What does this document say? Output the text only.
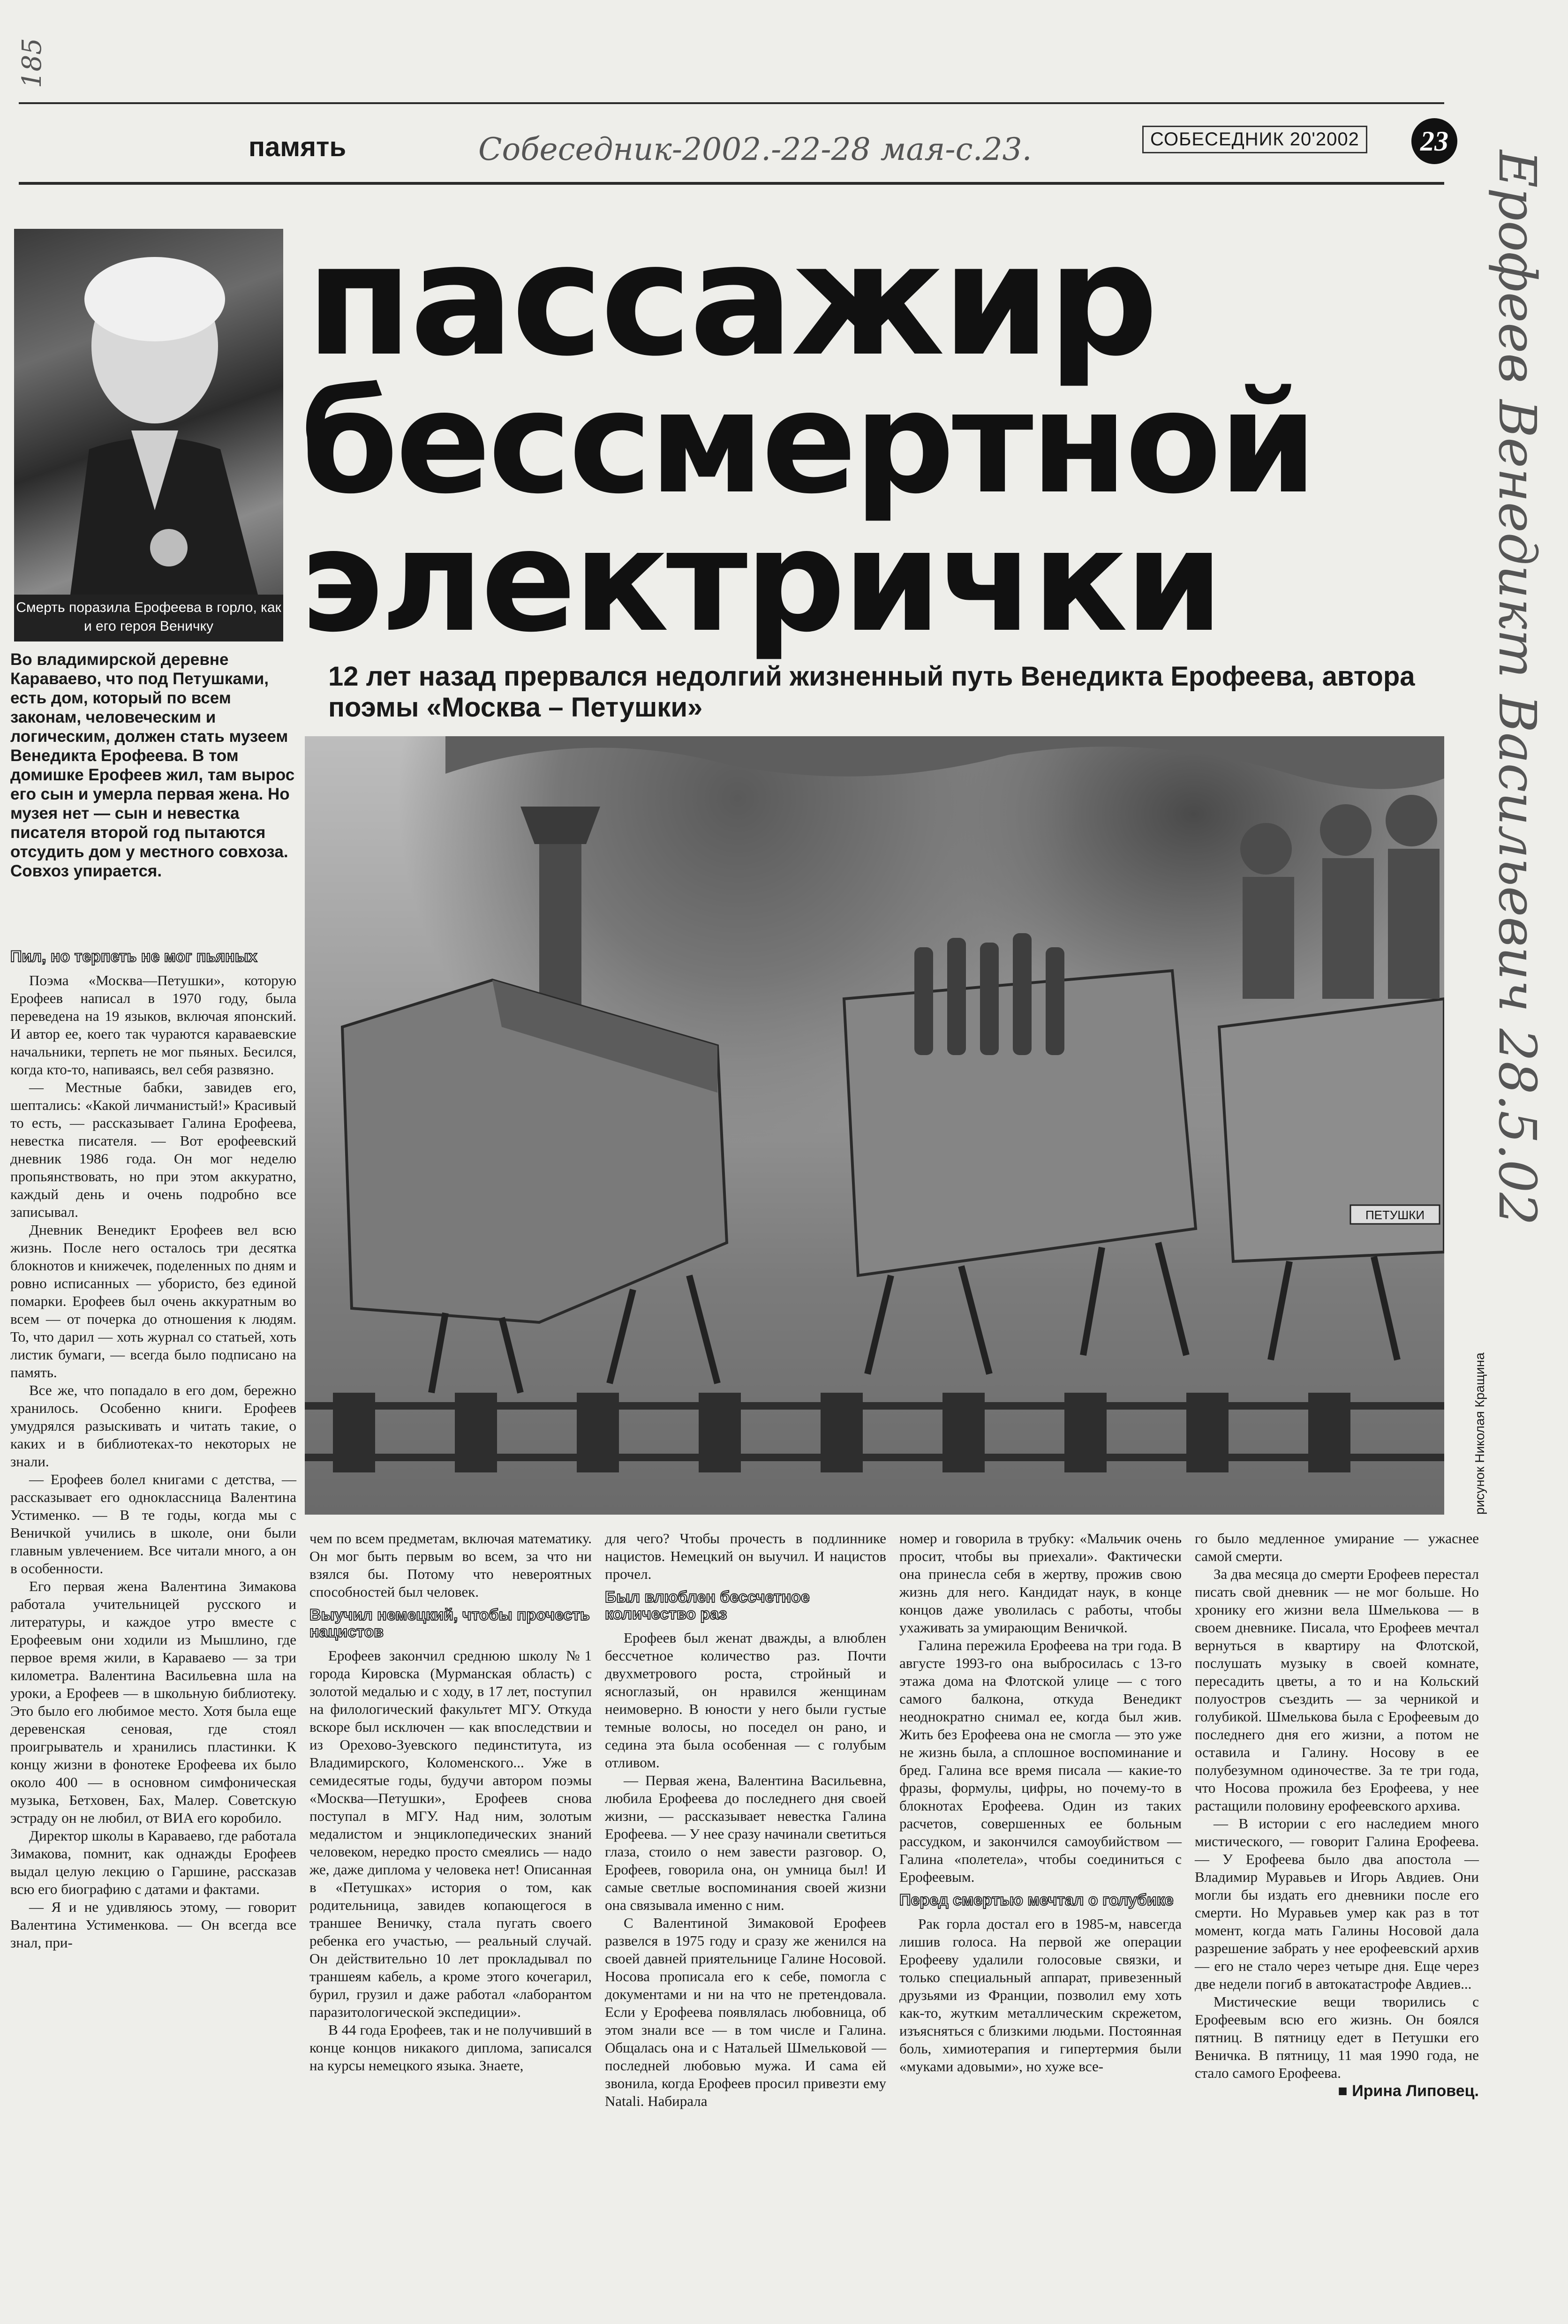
185
память	Собеседник-2002.-22-28 мая-с.23.	СОБЕСЕДНИК 20'2002	23
Ерофеев Венедикт Васильевич 28.5.02
Смерть поразила Ерофеева в горло, как и его героя Веничку
пассажир
бессмертной
электрички
Во владимирской деревне Караваево, что под Петушками, есть дом, который по всем законам, человеческим и логическим, должен стать музеем Венедикта Ерофеева. В том домишке Ерофеев жил, там вырос его сын и умерла первая жена. Но музея нет — сын и невестка писателя второй год пытаются отсудить дом у местного совхоза. Совхоз упирается.
12 лет назад прервался недолгий жизненный путь Венедикта Ерофеева, автора поэмы «Москва – Петушки»
ПЕТУШКИ
рисунок Николая Кращина
Пил, но терпеть не мог пьяных

Поэма «Москва—Петушки», которую Ерофеев написал в 1970 году, была переведена на 19 языков, включая японский. И автор ее, коего так чураются караваевские начальники, терпеть не мог пьяных. Бесился, когда кто-то, напиваясь, вел себя развязно.

— Местные бабки, завидев его, шептались: «Какой личманистый!» Красивый то есть, — рассказывает Галина Ерофеева, невестка писателя. — Вот ерофеевский дневник 1986 года. Он мог неделю пропьянствовать, но при этом аккуратно, каждый день и очень подробно все записывал.

Дневник Венедикт Ерофеев вел всю жизнь. После него осталось три десятка блокнотов и книжечек, поделенных по дням и ровно исписанных — убористо, без единой помарки. Ерофеев был очень аккуратным во всем — от почерка до отношения к людям. То, что дарил — хоть журнал со статьей, хоть листик бумаги, — всегда было подписано на память.

Все же, что попадало в его дом, бережно хранилось. Особенно книги. Ерофеев умудрялся разыскивать и читать такие, о каких и в библиотеках-то некоторых не знали.

— Ерофеев болел книгами с детства, — рассказывает его одноклассница Валентина Устименко. — В те годы, когда мы с Веничкой учились в школе, они были главным увлечением. Все читали много, а он в особенности.

Его первая жена Валентина Зимакова работала учительницей русского и литературы, и каждое утро вместе с Ерофеевым они ходили из Мышлино, где первое время жили, в Караваево — за три километра. Валентина Васильевна шла на уроки, а Ерофеев — в школьную библиотеку. Это было его любимое место. Хотя была еще деревенская сеновая, где стоял проигрыватель и хранились пластинки. К концу жизни в фонотеке Ерофеева их было около 400 — в основном симфоническая музыка, Бетховен, Бах, Малер. Советскую эстраду он не любил, от ВИА его коробило.

Директор школы в Караваево, где работала Зимакова, помнит, как однажды Ерофеев выдал целую лекцию о Гаршине, рассказав всю его биографию с датами и фактами.

— Я и не удивляюсь этому, — говорит Валентина Устименкова. — Он всегда все знал, при-

чем по всем предметам, включая математику. Он мог быть первым во всем, за что ни взялся бы. Потому что невероятных способностей был человек.

Выучил немецкий, чтобы прочесть нацистов

Ерофеев закончил среднюю школу №1 города Кировска (Мурманская область) с золотой медалью и с ходу, в 17 лет, поступил на филологический факультет МГУ. Откуда вскоре был исключен — как впоследствии и из Орехово-Зуевского пединститута, из Владимирского, Коломенского... Уже в семидесятые годы, будучи автором поэмы «Москва—Петушки», Ерофеев снова поступал в МГУ. Над ним, золотым медалистом и энциклопедических знаний человеком, нередко просто смеялись — надо же, даже диплома у человека нет! Описанная в «Петушках» история о том, как родительница, завидев копающегося в траншее Веничку, стала пугать своего ребенка его участью, — реальный случай. Он действительно 10 лет прокладывал по траншеям кабель, а кроме этого кочегарил, бурил, грузил и даже работал «лаборантом паразитологической экспедиции».

В 44 года Ерофеев, так и не получивший в конце концов никакого диплома, записался на курсы немецкого языка. Знаете,

для чего? Чтобы прочесть в подлиннике нацистов. Немецкий он выучил. И нацистов прочел.

Был влюблен бессчетное количество раз

Ерофеев был женат дважды, а влюблен бессчетное количество раз. Почти двухметрового роста, стройный и ясноглазый, он нравился женщинам неимоверно. В юности у него были густые темные волосы, но поседел он рано, и седина эта была особенная — с голубым отливом.

— Первая жена, Валентина Васильевна, любила Ерофеева до последнего дня своей жизни, — рассказывает невестка Галина Ерофеева. — У нее сразу начинали светиться глаза, стоило о нем завести разговор. О, Ерофеев, говорила она, он умница был! И самые светлые воспоминания своей жизни она связывала именно с ним.

С Валентиной Зимаковой Ерофеев развелся в 1975 году и сразу же женился на своей давней приятельнице Галине Носовой. Носова прописала его к себе, помогла с документами и ни на что не претендовала. Если у Ерофеева появлялась любовница, об этом знали все — в том числе и Галина. Общалась она и с Натальей Шмельковой — последней любовью мужа. И сама ей звонила, когда Ерофеев просил привезти ему Natali. Набирала

номер и говорила в трубку: «Мальчик очень просит, чтобы вы приехали». Фактически она принесла себя в жертву, прожив свою жизнь для него. Кандидат наук, в конце концов даже уволилась с работы, чтобы ухаживать за умирающим Веничкой.

Галина пережила Ерофеева на три года. В августе 1993-го она выбросилась с 13-го этажа дома на Флотской улице — с того самого балкона, откуда Венедикт неоднократно снимал ее, когда был жив. Жить без Ерофеева она не смогла — это уже не жизнь была, а сплошное воспоминание и бред. Галина все время писала — какие-то фразы, формулы, цифры, но почему-то в блокнотах Ерофеева. Один из таких расчетов, совершенных ее больным рассудком, и закончился самоубийством — Галина «полетела», чтобы соединиться с Ерофеевым.

Перед смертью мечтал о голубике

Рак горла достал его в 1985-м, навсегда лишив голоса. На первой же операции Ерофееву удалили голосовые связки, и только специальный аппарат, привезенный друзьями из Франции, позволил ему хоть как-то, жутким металлическим скрежетом, изъясняться с близкими людьми. Постоянная боль, химиотерапия и гипертермия были «муками адовыми», но хуже все-

го было медленное умирание — ужаснее самой смерти.

За два месяца до смерти Ерофеев перестал писать свой дневник — не мог больше. Но хронику его жизни вела Шмелькова — в своем дневнике. Писала, что Ерофеев мечтал вернуться в квартиру на Флотской, послушать музыку в своей комнате, пересадить цветы, а то и на Кольский полуостров съездить — за черникой и голубикой. Шмелькова была с Ерофеевым до последнего дня его жизни, а потом не оставила и Галину. Носову в ее полубезумном одиночестве. За те три года, что Носова прожила без Ерофеева, у нее растащили половину ерофеевского архива.

— В истории с его наследием много мистического, — говорит Галина Ерофеева. — У Ерофеева было два апостола — Владимир Муравьев и Игорь Авдиев. Они могли бы издать его дневники после его смерти. Но Муравьев умер как раз в тот момент, когда мать Галины Носовой дала разрешение забрать у нее ерофеевский архив — его не стало через четыре дня. Еще через две недели погиб в автокатастрофе Авдиев...

Мистические вещи творились с Ерофеевым всю его жизнь. Он боялся пятниц. В пятницу едет в Петушки его Веничка. В пятницу, 11 мая 1990 года, не стало самого Ерофеева.

■ Ирина Липовец.
